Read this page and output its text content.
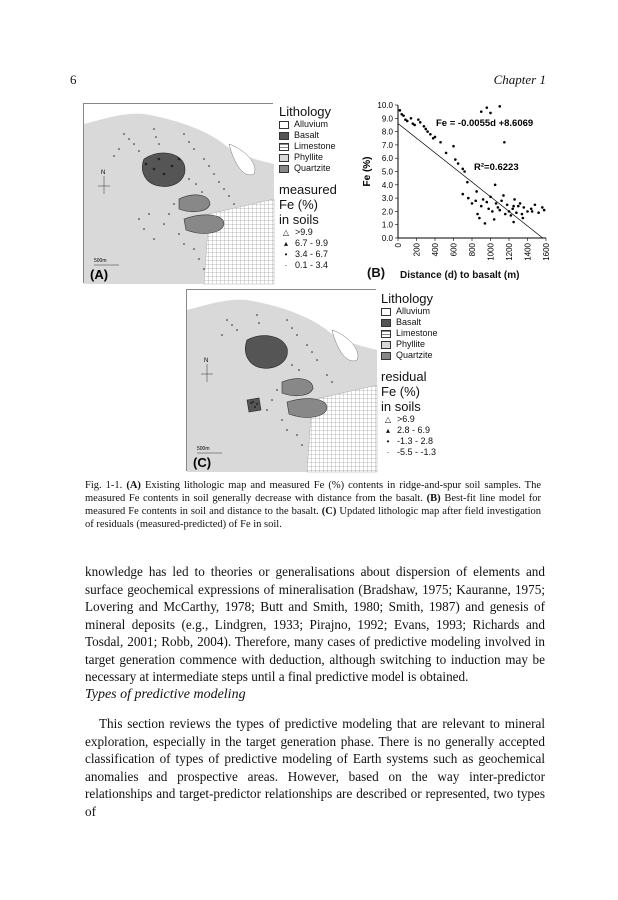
6	Chapter 1
N
500m
(A)
Lithology
Alluvium
Basalt
Limestone
Phyllite
Quartzite
measured
Fe (%)
in soils
△ >9.9
▴ 6.7 - 9.9
• 3.4 - 6.7
· 0.1 - 3.4
10.0
9.0
8.0
7.0
6.0
5.0
4.0
3.0
2.0
1.0
0.0
0 200 400 600 800 1000 1200 1400 1600
Fe (%)
Fe = -0.0055d +8.6069
R²=0.6223
(B) Distance (d) to basalt (m)
N
500m
(C)
Lithology
Alluvium
Basalt
Limestone
Phyllite
Quartzite
residual
Fe (%)
in soils
△ >6.9
▴ 2.8 - 6.9
• -1.3 - 2.8
· -5.5 - -1.3
Fig. 1-1. (A) Existing lithologic map and measured Fe (%) contents in ridge-and-spur soil samples. The measured Fe contents in soil generally decrease with distance from the basalt. (B) Best-fit line model for measured Fe contents in soil and distance to the basalt. (C) Updated lithologic map after field investigation of residuals (measured-predicted) of Fe in soil.

knowledge has led to theories or generalisations about dispersion of elements and surface geochemical expressions of mineralisation (Bradshaw, 1975; Kauranne, 1975; Lovering and McCarthy, 1978; Butt and Smith, 1980; Smith, 1987) and genesis of mineral deposits (e.g., Lindgren, 1933; Pirajno, 1992; Evans, 1993; Richards and Tosdal, 2001; Robb, 2004). Therefore, many cases of predictive modeling involved in target generation commence with deduction, although switching to induction may be necessary at intermediate steps until a final predictive model is obtained.

Types of predictive modeling

This section reviews the types of predictive modeling that are relevant to mineral exploration, especially in the target generation phase. There is no generally accepted classification of types of predictive modeling of Earth systems such as geochemical anomalies and prospective areas. However, based on the way inter-predictor relationships and target-predictor relationships are described or represented, two types of
